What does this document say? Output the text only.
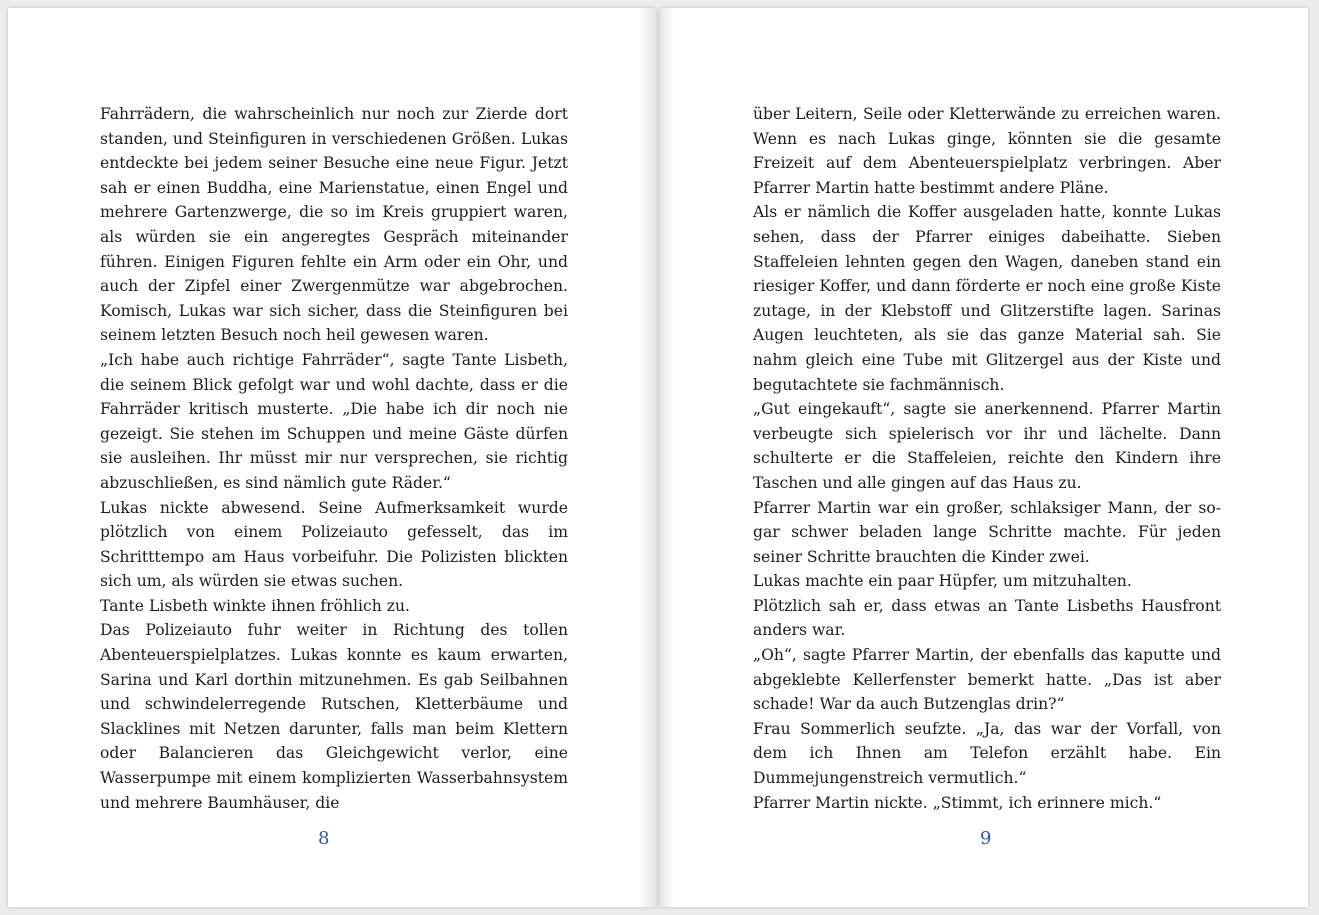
Fahrrädern, die wahrscheinlich nur noch zur Zierde dort standen, und Steinfiguren in verschiedenen Größen. Lukas entdeckte bei jedem seiner Besuche eine neue Figur. Jetzt sah er einen Buddha, eine Marienstatue, einen Engel und mehrere Gartenzwerge, die so im Kreis gruppiert waren, als würden sie ein angeregtes Gespräch miteinander führen. Einigen Figuren fehlte ein Arm oder ein Ohr, und auch der Zipfel einer Zwergenmütze war abgebrochen. Komisch, Lukas war sich sicher, dass die Steinfiguren bei seinem letzten Besuch noch heil gewesen waren.

„Ich habe auch richtige Fahrräder“, sagte Tante Lisbeth, die seinem Blick gefolgt war und wohl dachte, dass er die Fahrräder kritisch musterte. „Die habe ich dir noch nie gezeigt. Sie stehen im Schuppen und meine Gäste dürfen sie ausleihen. Ihr müsst mir nur versprechen, sie richtig abzuschließen, es sind nämlich gute Räder.“

Lukas nickte abwesend. Seine Aufmerksamkeit wurde plötzlich von einem Polizeiauto gefesselt, das im Schritttempo am Haus vorbeifuhr. Die Polizisten blickten sich um, als würden sie etwas suchen.

Tante Lisbeth winkte ihnen fröhlich zu.

Das Polizeiauto fuhr weiter in Richtung des tollen Abenteuerspielplatzes. Lukas konnte es kaum erwarten, Sarina und Karl dorthin mitzunehmen. Es gab Seilbahnen und schwindelerregende Rutschen, Kletterbäume und Slacklines mit Netzen darunter, falls man beim Klettern oder Balancieren das Gleichgewicht verlor, eine Wasserpumpe mit einem komplizierten Wasserbahnsystem und mehrere Baumhäuser, die

8

über Leitern, Seile oder Kletterwände zu erreichen waren. Wenn es nach Lukas ginge, könnten sie die gesamte Freizeit auf dem Abenteuerspielplatz verbringen. Aber Pfarrer Martin hatte bestimmt andere Pläne.

Als er nämlich die Koffer ausgeladen hatte, konnte Lukas sehen, dass der Pfarrer einiges dabeihatte. Sieben Staffeleien lehnten gegen den Wagen, daneben stand ein riesiger Koffer, und dann förderte er noch eine große Kiste zutage, in der Klebstoff und Glitzerstifte lagen. Sarinas Augen leuchteten, als sie das ganze Material sah. Sie nahm gleich eine Tube mit Glitzergel aus der Kiste und begutachtete sie fachmännisch.

„Gut eingekauft“, sagte sie anerkennend. Pfarrer Martin verbeugte sich spielerisch vor ihr und lächelte. Dann schulterte er die Staffeleien, reichte den Kindern ihre Taschen und alle gingen auf das Haus zu.

Pfarrer Martin war ein großer, schlaksiger Mann, der sogar schwer beladen lange Schritte machte. Für jeden seiner Schritte brauchten die Kinder zwei.

Lukas machte ein paar Hüpfer, um mitzuhalten.

Plötzlich sah er, dass etwas an Tante Lisbeths Hausfront anders war.

„Oh“, sagte Pfarrer Martin, der ebenfalls das kaputte und abgeklebte Kellerfenster bemerkt hatte. „Das ist aber schade! War da auch Butzenglas drin?“

Frau Sommerlich seufzte. „Ja, das war der Vorfall, von dem ich Ihnen am Telefon erzählt habe. Ein Dummejungenstreich vermutlich.“

Pfarrer Martin nickte. „Stimmt, ich erinnere mich.“

9
